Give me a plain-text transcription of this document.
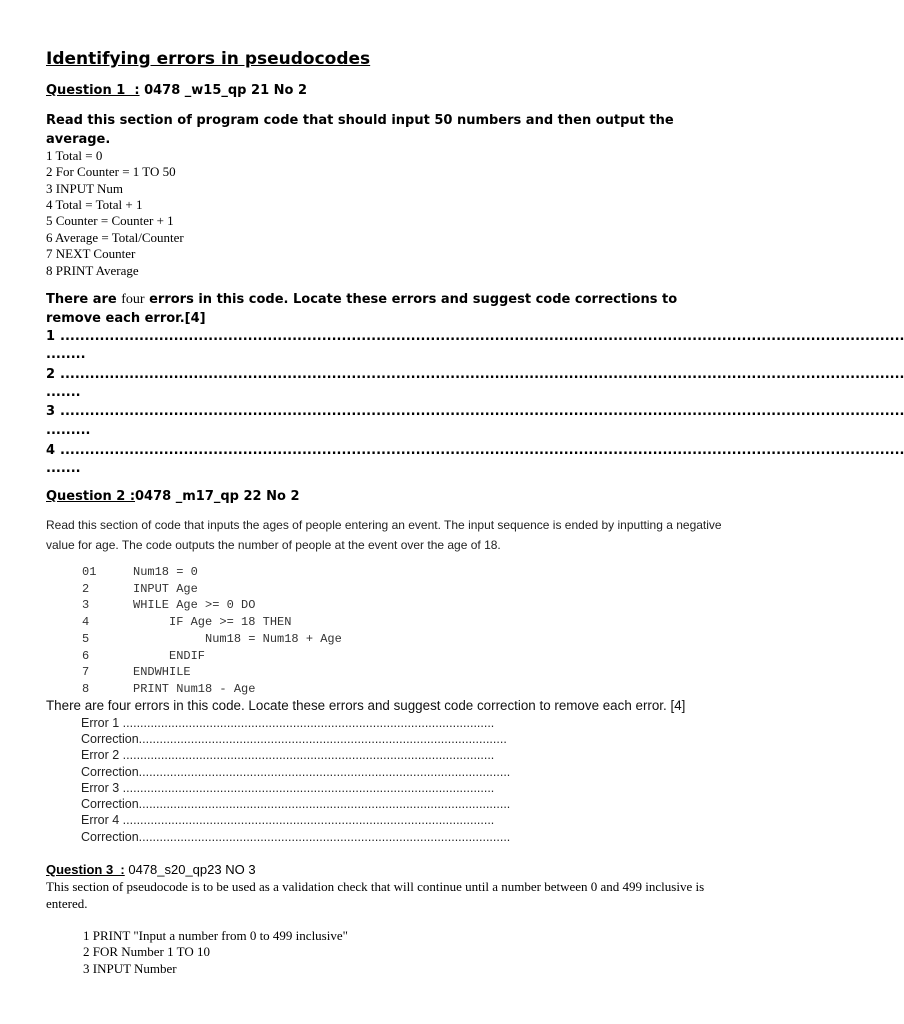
Identifying errors in pseudocodes
Question 1  : 0478 _w15_qp 21 No 2
Read this section of program code that should input 50 numbers and then output the average.
1 Total = 0
2 For Counter = 1 TO 50
3 INPUT Num
4 Total = Total + 1
5 Counter = Counter + 1
6 Average = Total/Counter
7 NEXT Counter
8 PRINT Average
There are four errors in this code. Locate these errors and suggest code corrections to remove each error.[4]
1 ...........................................................................................................................................................................
........
2 ...........................................................................................................................................................................
.......
3 ...........................................................................................................................................................................
.........
4 ...........................................................................................................................................................................
.......
Question 2 :0478 _m17_qp 22 No 2
Read this section of code that inputs the ages of people entering an event. The input sequence is ended by inputting a negative value for age. The code outputs the number of people at the event over the age of 18.
01	Num18 = 0
2	INPUT Age
3	WHILE Age >= 0 DO
4	IF Age >= 18 THEN
5	Num18 = Num18 + Age
6	ENDIF
7	ENDWHILE
8	PRINT Num18 - Age
There are four errors in this code. Locate these errors and suggest code correction to remove each error. [4]
Error 1 ...........................................................................................................
Correction..........................................................................................................
Error 2 ...........................................................................................................
Correction...........................................................................................................
Error 3 ...........................................................................................................
Correction...........................................................................................................
Error 4 ...........................................................................................................
Correction...........................................................................................................
Question 3  : 0478_s20_qp23 NO 3
This section of pseudocode is to be used as a validation check that will continue until a number between 0 and 499 inclusive is entered.
1 PRINT "Input a number from 0 to 499 inclusive"
2 FOR Number 1 TO 10
3 INPUT Number
